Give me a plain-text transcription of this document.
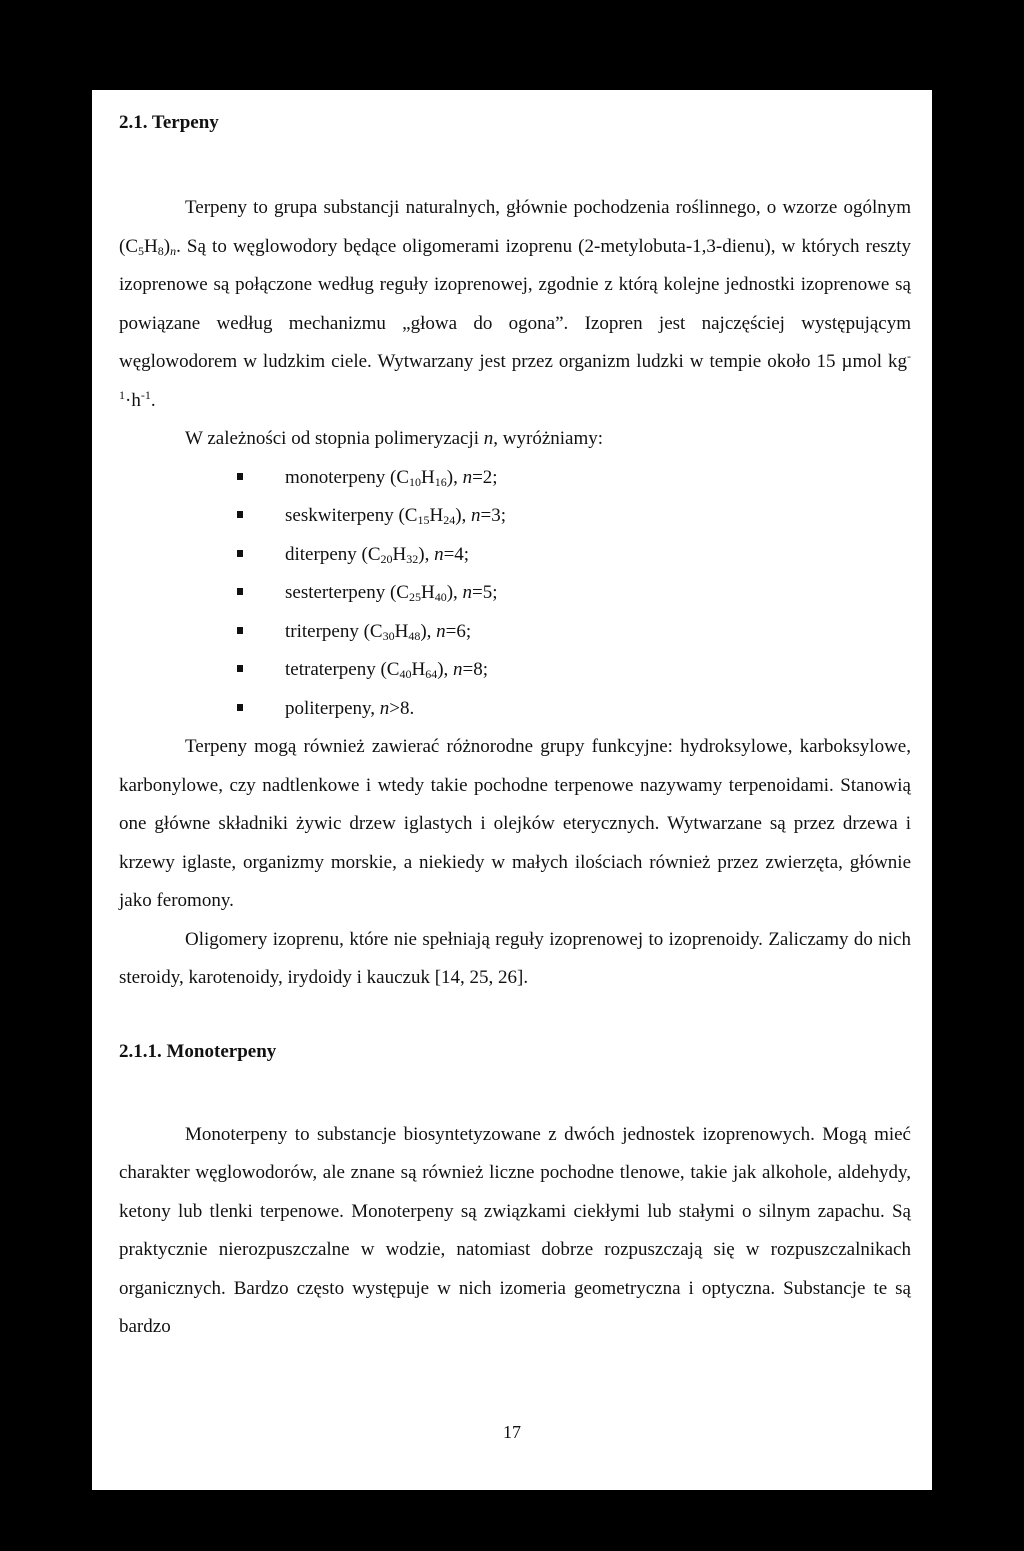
2.1. Terpeny

Terpeny to grupa substancji naturalnych, głównie pochodzenia roślinnego, o wzorze ogólnym $(C_5H_8)_n$. Są to węglowodory będące oligomerami izoprenu (2-metylobuta-1,3-dienu), w których reszty izoprenowe są połączone według reguły izoprenowej, zgodnie z którą kolejne jednostki izoprenowe są powiązane według mechanizmu „głowa do ogona”. Izopren jest najczęściej występującym węglowodorem w ludzkim ciele. Wytwarzany jest przez organizm ludzki w tempie około 15 µmol $kg^{-1}\cdot h^{-1}$.

W zależności od stopnia polimeryzacji n, wyróżniamy:

monoterpeny $(C_{10}H_{16})$, n=2;
seskwiterpeny $(C_{15}H_{24})$, n=3;
diterpeny $(C_{20}H_{32})$, n=4;
sesterterpeny $(C_{25}H_{40})$, n=5;
triterpeny $(C_{30}H_{48})$, n=6;
tetraterpeny $(C_{40}H_{64})$, n=8;
politerpeny, n>8.

Terpeny mogą również zawierać różnorodne grupy funkcyjne: hydroksylowe, karboksylowe, karbonylowe, czy nadtlenkowe i wtedy takie pochodne terpenowe nazywamy terpenoidami. Stanowią one główne składniki żywic drzew iglastych i olejków eterycznych. Wytwarzane są przez drzewa i krzewy iglaste, organizmy morskie, a niekiedy w małych ilościach również przez zwierzęta, głównie jako feromony.

Oligomery izoprenu, które nie spełniają reguły izoprenowej to izoprenoidy. Zaliczamy do nich steroidy, karotenoidy, irydoidy i kauczuk [14, 25, 26].

2.1.1. Monoterpeny

Monoterpeny to substancje biosyntetyzowane z dwóch jednostek izoprenowych. Mogą mieć charakter węglowodorów, ale znane są również liczne pochodne tlenowe, takie jak alkohole, aldehydy, ketony lub tlenki terpenowe. Monoterpeny są związkami ciekłymi lub stałymi o silnym zapachu. Są praktycznie nierozpuszczalne w wodzie, natomiast dobrze rozpuszczają się w rozpuszczalnikach organicznych. Bardzo często występuje w nich izomeria geometryczna i optyczna. Substancje te są bardzo

17
